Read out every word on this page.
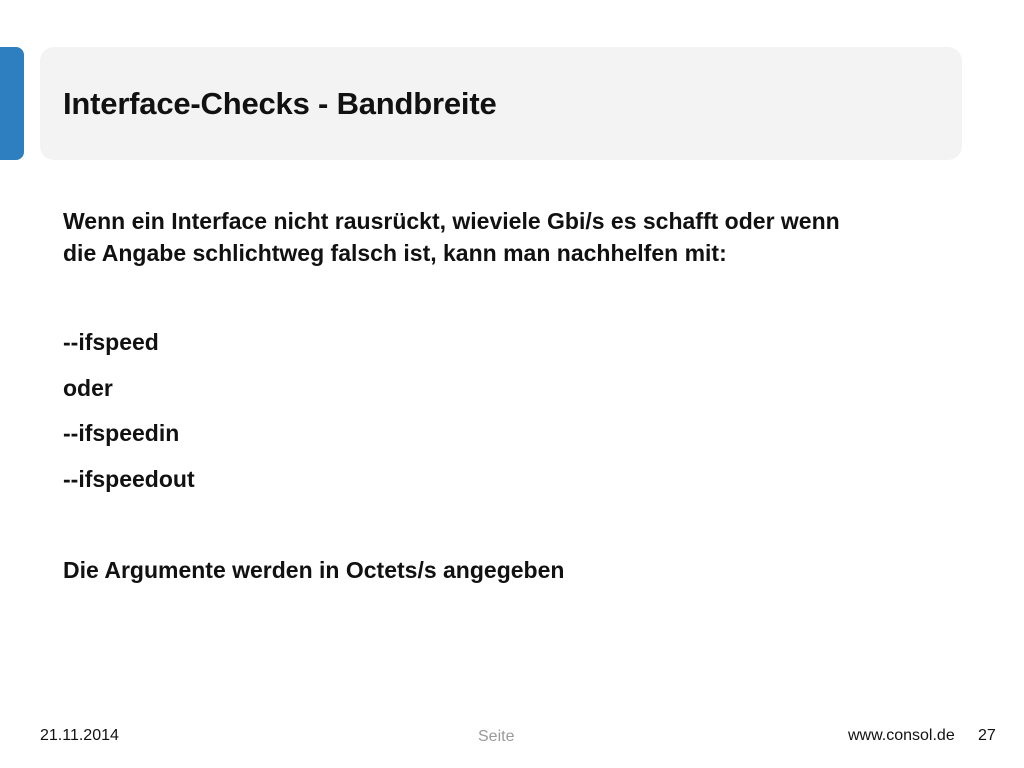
Interface-Checks - Bandbreite

Wenn ein Interface nicht rausrückt, wieviele Gbi/s es schafft oder wenn
die Angabe schlichtweg falsch ist, kann man nachhelfen mit:

--ifspeed
oder
--ifspeedin
--ifspeedout

Die Argumente werden in Octets/s angegeben

21.11.2014	Seite	www.consol.de 27
